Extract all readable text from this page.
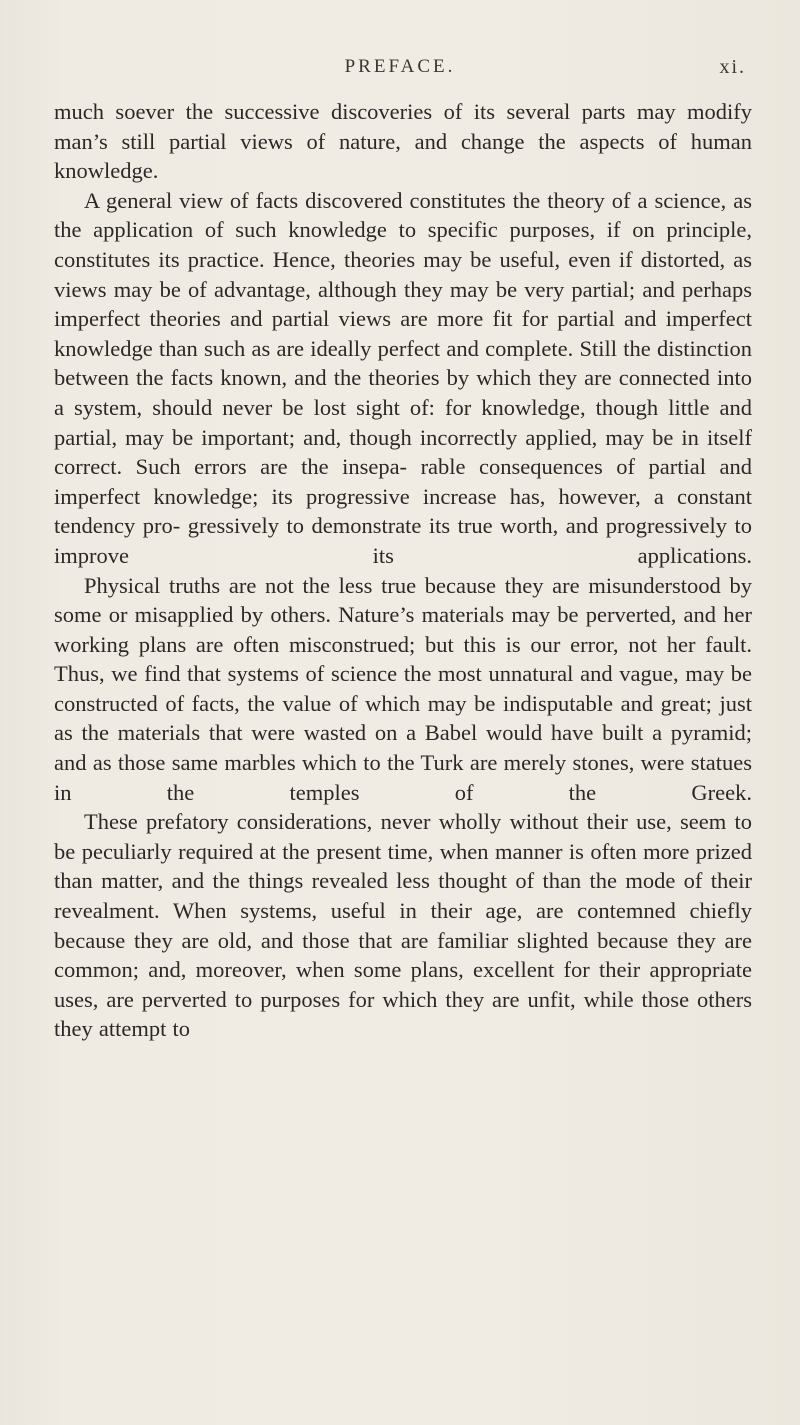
PREFACE.	xi.

much soever the successive discoveries of its several parts may modify man’s still partial views of nature, and change the aspects of human knowledge.

A general view of facts discovered constitutes the theory of a science, as the application of such knowledge to specific purposes, if on principle, constitutes its practice. Hence, theories may be useful, even if distorted, as views may be of advantage, although they may be very partial; and perhaps imperfect theories and partial views are more fit for partial and imperfect knowledge than such as are ideally perfect and complete. Still the distinction between the facts known, and the theories by which they are connected into a system, should never be lost sight of: for knowledge, though little and partial, may be important; and, though incorrectly applied, may be in itself correct. Such errors are the insepa- rable consequences of partial and imperfect knowledge; its progressive increase has, however, a constant tendency pro- gressively to demonstrate its true worth, and progressively to improve its applications.

Physical truths are not the less true because they are misunderstood by some or misapplied by others. Nature’s materials may be perverted, and her working plans are often misconstrued; but this is our error, not her fault. Thus, we find that systems of science the most unnatural and vague, may be constructed of facts, the value of which may be indisputable and great; just as the materials that were wasted on a Babel would have built a pyramid; and as those same marbles which to the Turk are merely stones, were statues in the temples of the Greek.

These prefatory considerations, never wholly without their use, seem to be peculiarly required at the present time, when manner is often more prized than matter, and the things revealed less thought of than the mode of their revealment. When systems, useful in their age, are contemned chiefly because they are old, and those that are familiar slighted because they are common; and, moreover, when some plans, excellent for their appropriate uses, are perverted to purposes for which they are unfit, while those others they attempt to
